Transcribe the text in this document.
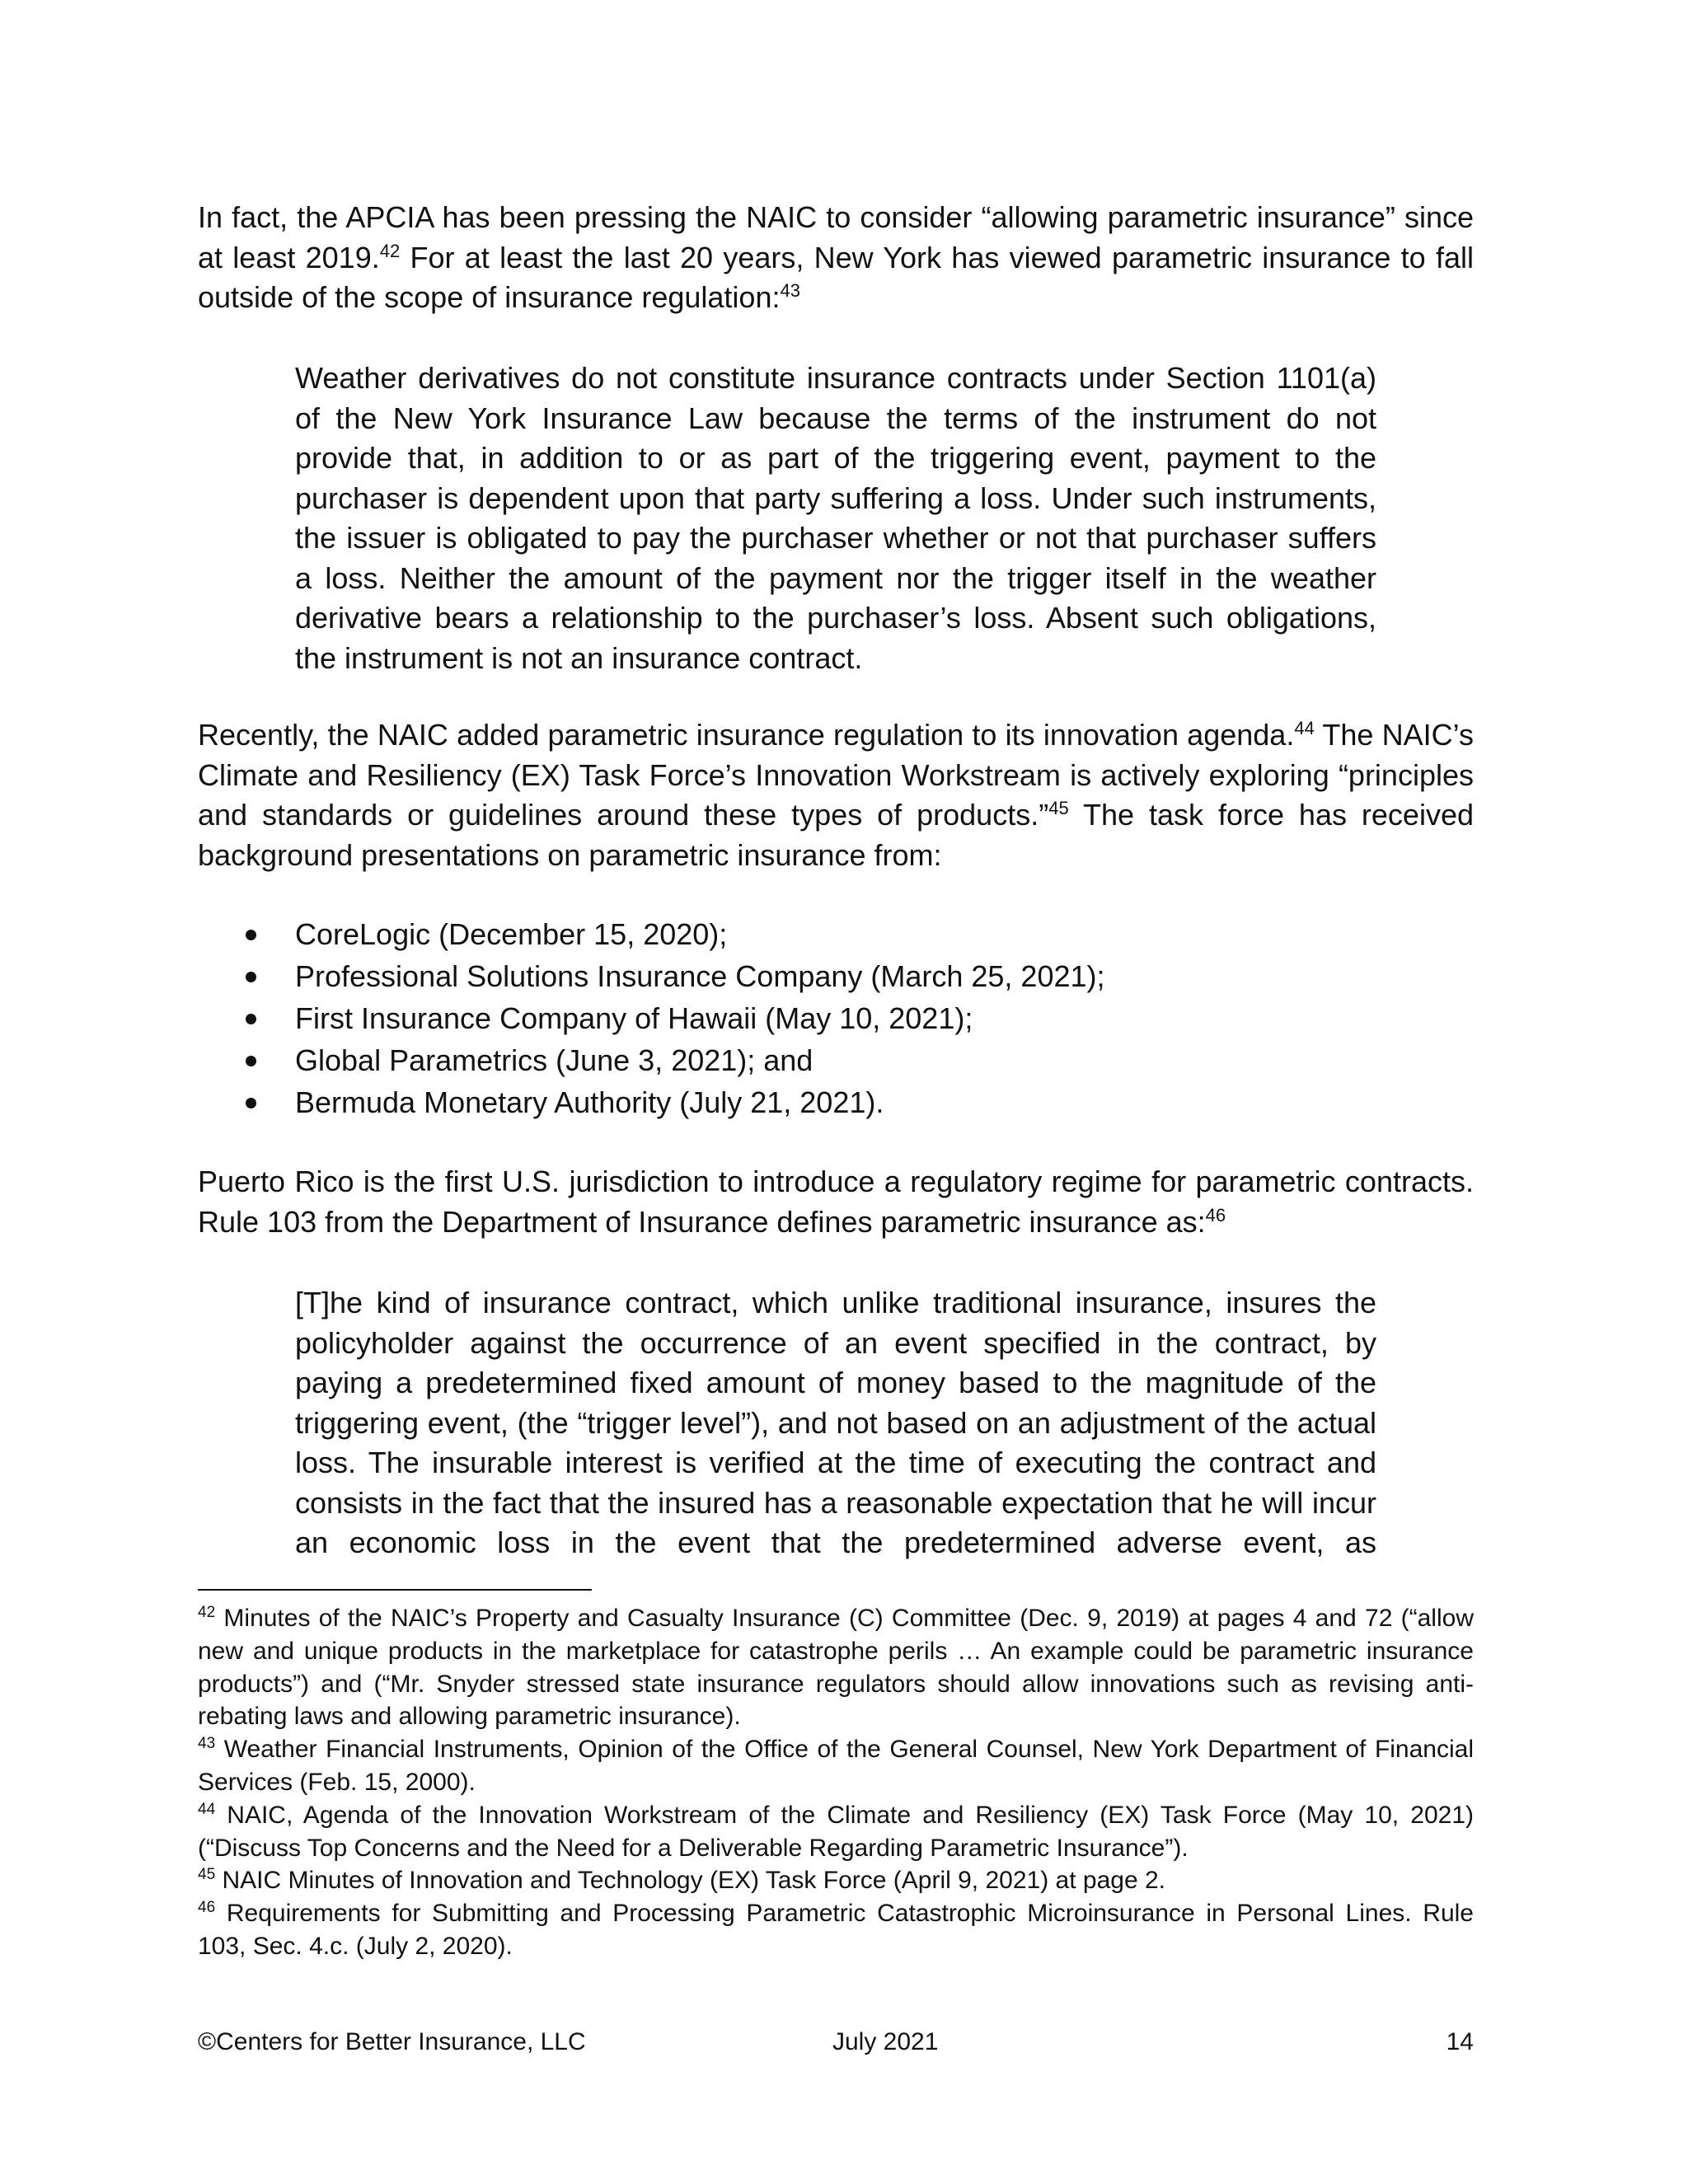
In fact, the APCIA has been pressing the NAIC to consider “allowing parametric insurance” since at least 2019.42 For at least the last 20 years, New York has viewed parametric insurance to fall outside of the scope of insurance regulation:$^{43}$

Weather derivatives do not constitute insurance contracts under Section 1101(a) of the New York Insurance Law because the terms of the instrument do not provide that, in addition to or as part of the triggering event, payment to the purchaser is dependent upon that party suffering a loss. Under such instruments, the issuer is obligated to pay the purchaser whether or not that purchaser suffers a loss. Neither the amount of the payment nor the trigger itself in the weather derivative bears a relationship to the purchaser’s loss. Absent such obligations, the instrument is not an insurance contract.

Recently, the NAIC added parametric insurance regulation to its innovation agenda.$^{44}$ The NAIC’s Climate and Resiliency (EX) Task Force’s Innovation Workstream is actively exploring “principles and standards or guidelines around these types of products.”$^{45}$ The task force has received background presentations on parametric insurance from:

CoreLogic (December 15, 2020);
Professional Solutions Insurance Company (March 25, 2021);
First Insurance Company of Hawaii (May 10, 2021);
Global Parametrics (June 3, 2021); and
Bermuda Monetary Authority (July 21, 2021).

Puerto Rico is the first U.S. jurisdiction to introduce a regulatory regime for parametric contracts. Rule 103 from the Department of Insurance defines parametric insurance as:$^{46}$

[T]he kind of insurance contract, which unlike traditional insurance, insures the policyholder against the occurrence of an event specified in the contract, by paying a predetermined fixed amount of money based to the magnitude of the triggering event, (the “trigger level”), and not based on an adjustment of the actual loss. The insurable interest is verified at the time of executing the contract and consists in the fact that the insured has a reasonable expectation that he will incur an economic loss in the event that the predetermined adverse event, as

$^{42}$ Minutes of the NAIC’s Property and Casualty Insurance (C) Committee (Dec. 9, 2019) at pages 4 and 72 (“allow new and unique products in the marketplace for catastrophe perils … An example could be parametric insurance products”) and (“Mr. Snyder stressed state insurance regulators should allow innovations such as revising anti-rebating laws and allowing parametric insurance).

$^{43}$ Weather Financial Instruments, Opinion of the Office of the General Counsel, New York Department of Financial Services (Feb. 15, 2000).

$^{44}$ NAIC, Agenda of the Innovation Workstream of the Climate and Resiliency (EX) Task Force (May 10, 2021) (“Discuss Top Concerns and the Need for a Deliverable Regarding Parametric Insurance”).

$^{45}$ NAIC Minutes of Innovation and Technology (EX) Task Force (April 9, 2021) at page 2.

$^{46}$ Requirements for Submitting and Processing Parametric Catastrophic Microinsurance in Personal Lines. Rule 103, Sec. 4.c. (July 2, 2020).

©Centers for Better Insurance, LLC	July 2021	14
